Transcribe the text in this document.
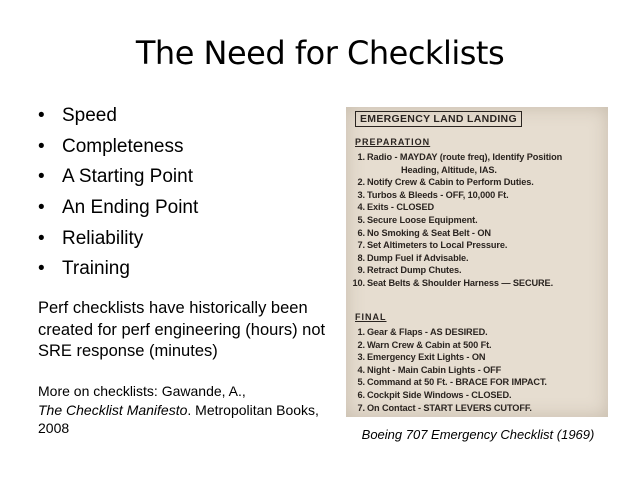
The Need for Checklists
• Speed
• Completeness
• A Starting Point
• An Ending Point
• Reliability
• Training
Perf checklists have historically been created for perf engineering (hours) not SRE response (minutes)
More on checklists: Gawande, A.,
The Checklist Manifesto. Metropolitan Books, 2008
EMERGENCY LAND LANDING
PREPARATION
1. Radio - MAYDAY (route freq), Identify Position
Heading, Altitude, IAS.
2. Notify Crew & Cabin to Perform Duties.
3. Turbos & Bleeds - OFF, 10,000 Ft.
4. Exits - CLOSED
5. Secure Loose Equipment.
6. No Smoking & Seat Belt - ON
7. Set Altimeters to Local Pressure.
8. Dump Fuel if Advisable.
9. Retract Dump Chutes.
10. Seat Belts & Shoulder Harness — SECURE.
FINAL
1. Gear & Flaps - AS DESIRED.
2. Warn Crew & Cabin at 500 Ft.
3. Emergency Exit Lights - ON
4. Night - Main Cabin Lights - OFF
5. Command at 50 Ft. - BRACE FOR IMPACT.
6. Cockpit Side Windows - CLOSED.
7. On Contact - START LEVERS CUTOFF.
Boeing 707 Emergency Checklist (1969)
